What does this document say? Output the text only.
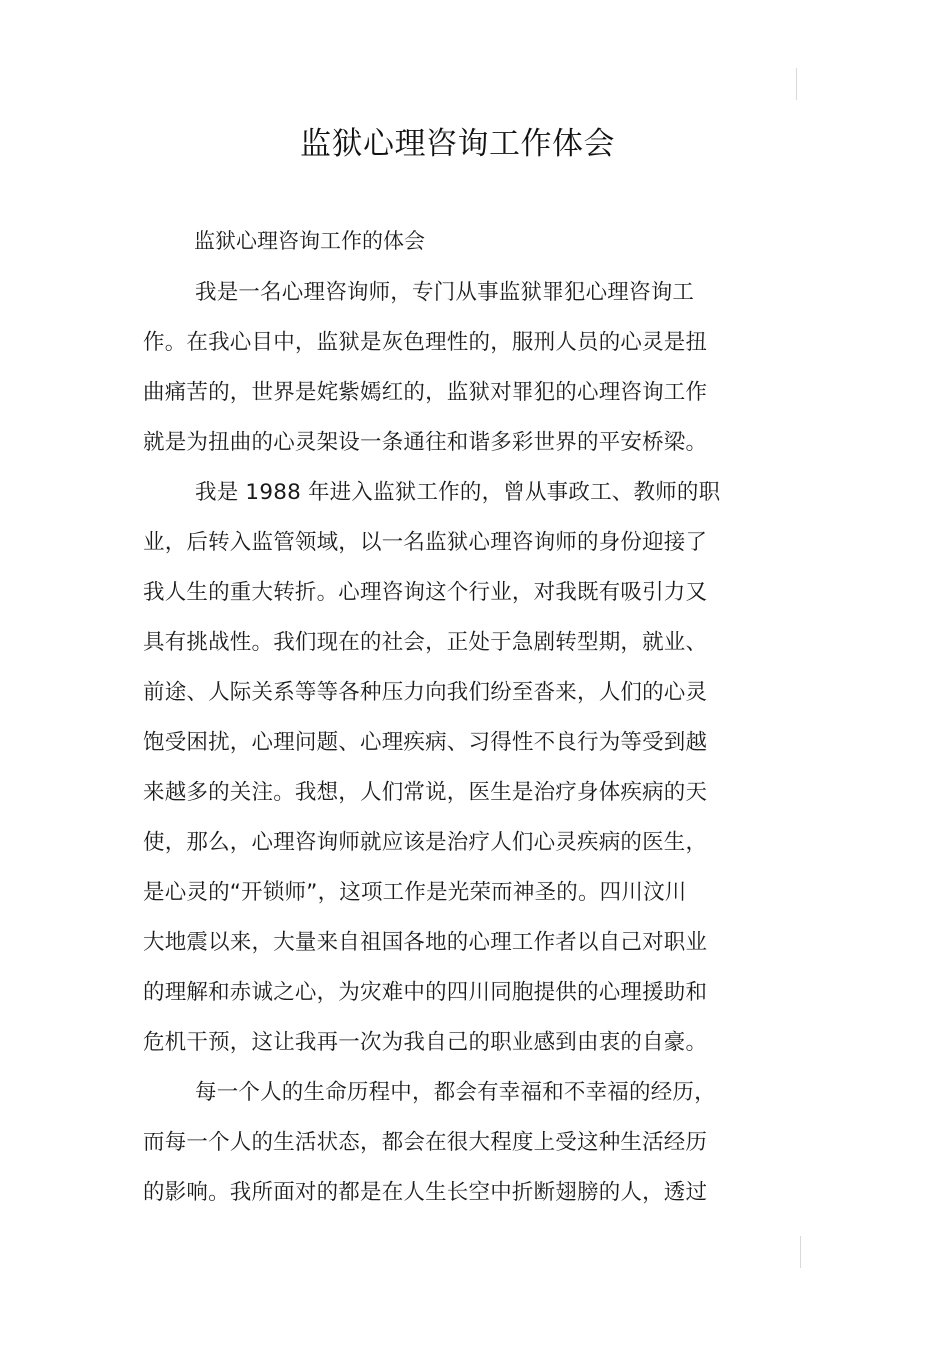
监狱心理咨询工作体会
监狱心理咨询工作的体会
我是一名心理咨询师，专门从事监狱罪犯心理咨询工
作。在我心目中，监狱是灰色理性的，服刑人员的心灵是扭
曲痛苦的，世界是姹紫嫣红的，监狱对罪犯的心理咨询工作
就是为扭曲的心灵架设一条通往和谐多彩世界的平安桥梁。
我是 1988 年进入监狱工作的，曾从事政工、教师的职
业，后转入监管领域，以一名监狱心理咨询师的身份迎接了
我人生的重大转折。心理咨询这个行业，对我既有吸引力又
具有挑战性。我们现在的社会，正处于急剧转型期，就业、
前途、人际关系等等各种压力向我们纷至沓来，人们的心灵
饱受困扰，心理问题、心理疾病、习得性不良行为等受到越
来越多的关注。我想，人们常说，医生是治疗身体疾病的天
使，那么，心理咨询师就应该是治疗人们心灵疾病的医生，
是心灵的“开锁师”，这项工作是光荣而神圣的。四川汶川
大地震以来，大量来自祖国各地的心理工作者以自己对职业
的理解和赤诚之心，为灾难中的四川同胞提供的心理援助和
危机干预，这让我再一次为我自己的职业感到由衷的自豪。
每一个人的生命历程中，都会有幸福和不幸福的经历，
而每一个人的生活状态，都会在很大程度上受这种生活经历
的影响。我所面对的都是在人生长空中折断翅膀的人，透过
